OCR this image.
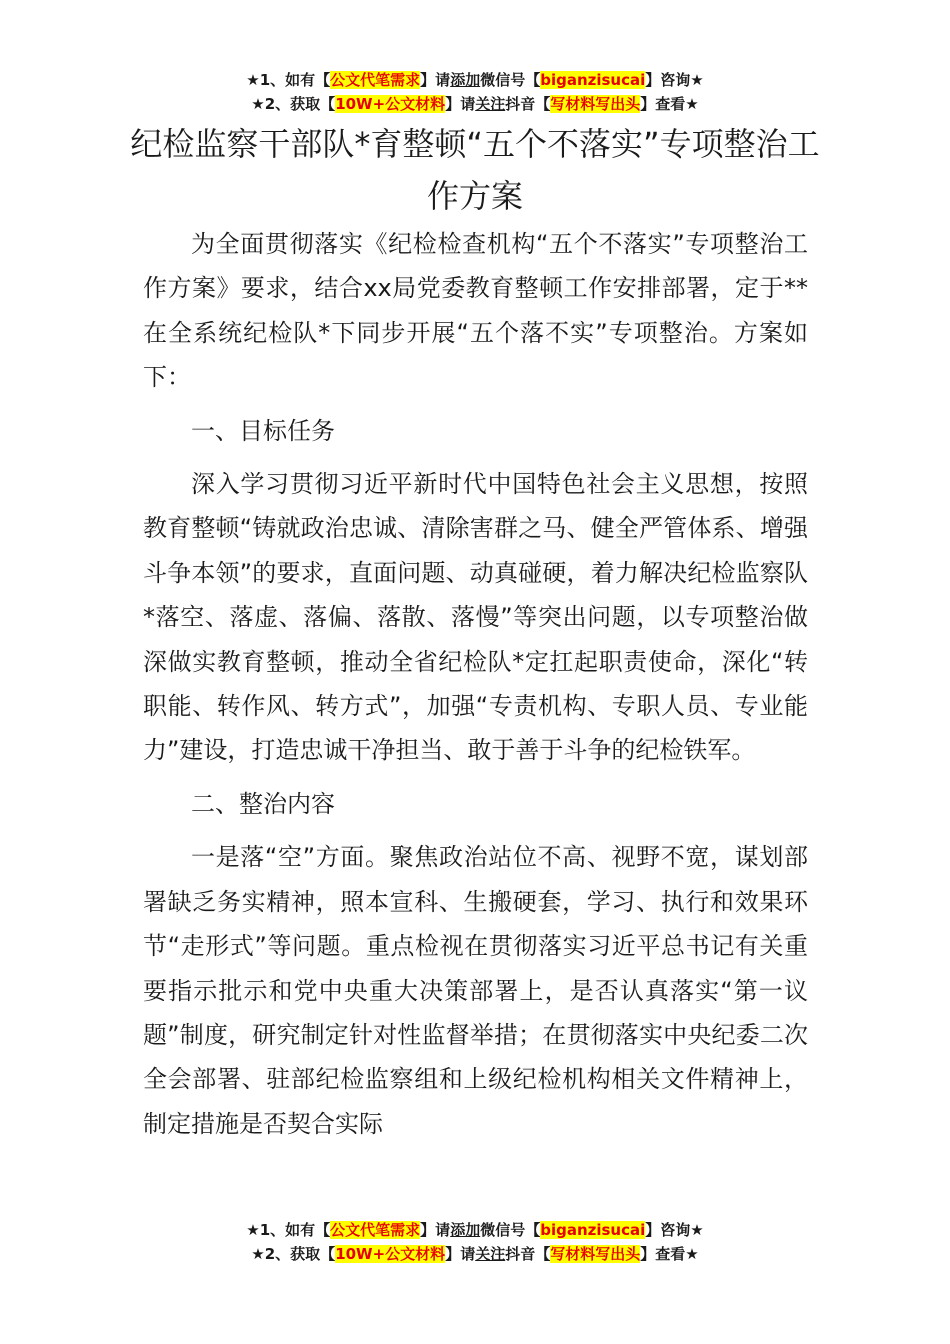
★1、如有【公文代笔需求】请添加微信号【biganzisucai】咨询★
★2、获取【10W+公文材料】请关注抖音【写材料写出头】查看★
纪检监察干部队*育整顿“五个不落实”专项整治工作方案

为全面贯彻落实《纪检检查机构“五个不落实”专项整治工作方案》要求，结合xx局党委教育整顿工作安排部署，定于**在全系统纪检队*下同步开展“五个落不实”专项整治。方案如下：

一、目标任务

深入学习贯彻习近平新时代中国特色社会主义思想，按照教育整顿“铸就政治忠诚、清除害群之马、健全严管体系、增强斗争本领”的要求，直面问题、动真碰硬，着力解决纪检监察队*落空、落虚、落偏、落散、落慢”等突出问题，以专项整治做深做实教育整顿，推动全省纪检队*定扛起职责使命，深化“转职能、转作风、转方式”，加强“专责机构、专职人员、专业能力”建设，打造忠诚干净担当、敢于善于斗争的纪检铁军。

二、整治内容

一是落“空”方面。聚焦政治站位不高、视野不宽，谋划部署缺乏务实精神，照本宣科、生搬硬套，学习、执行和效果环节“走形式”等问题。重点检视在贯彻落实习近平总书记有关重要指示批示和党中央重大决策部署上，是否认真落实“第一议题”制度，研究制定针对性监督举措；在贯彻落实中央纪委二次全会部署、驻部纪检监察组和上级纪检机构相关文件精神上，制定措施是否契合实际

★1、如有【公文代笔需求】请添加微信号【biganzisucai】咨询★
★2、获取【10W+公文材料】请关注抖音【写材料写出头】查看★
